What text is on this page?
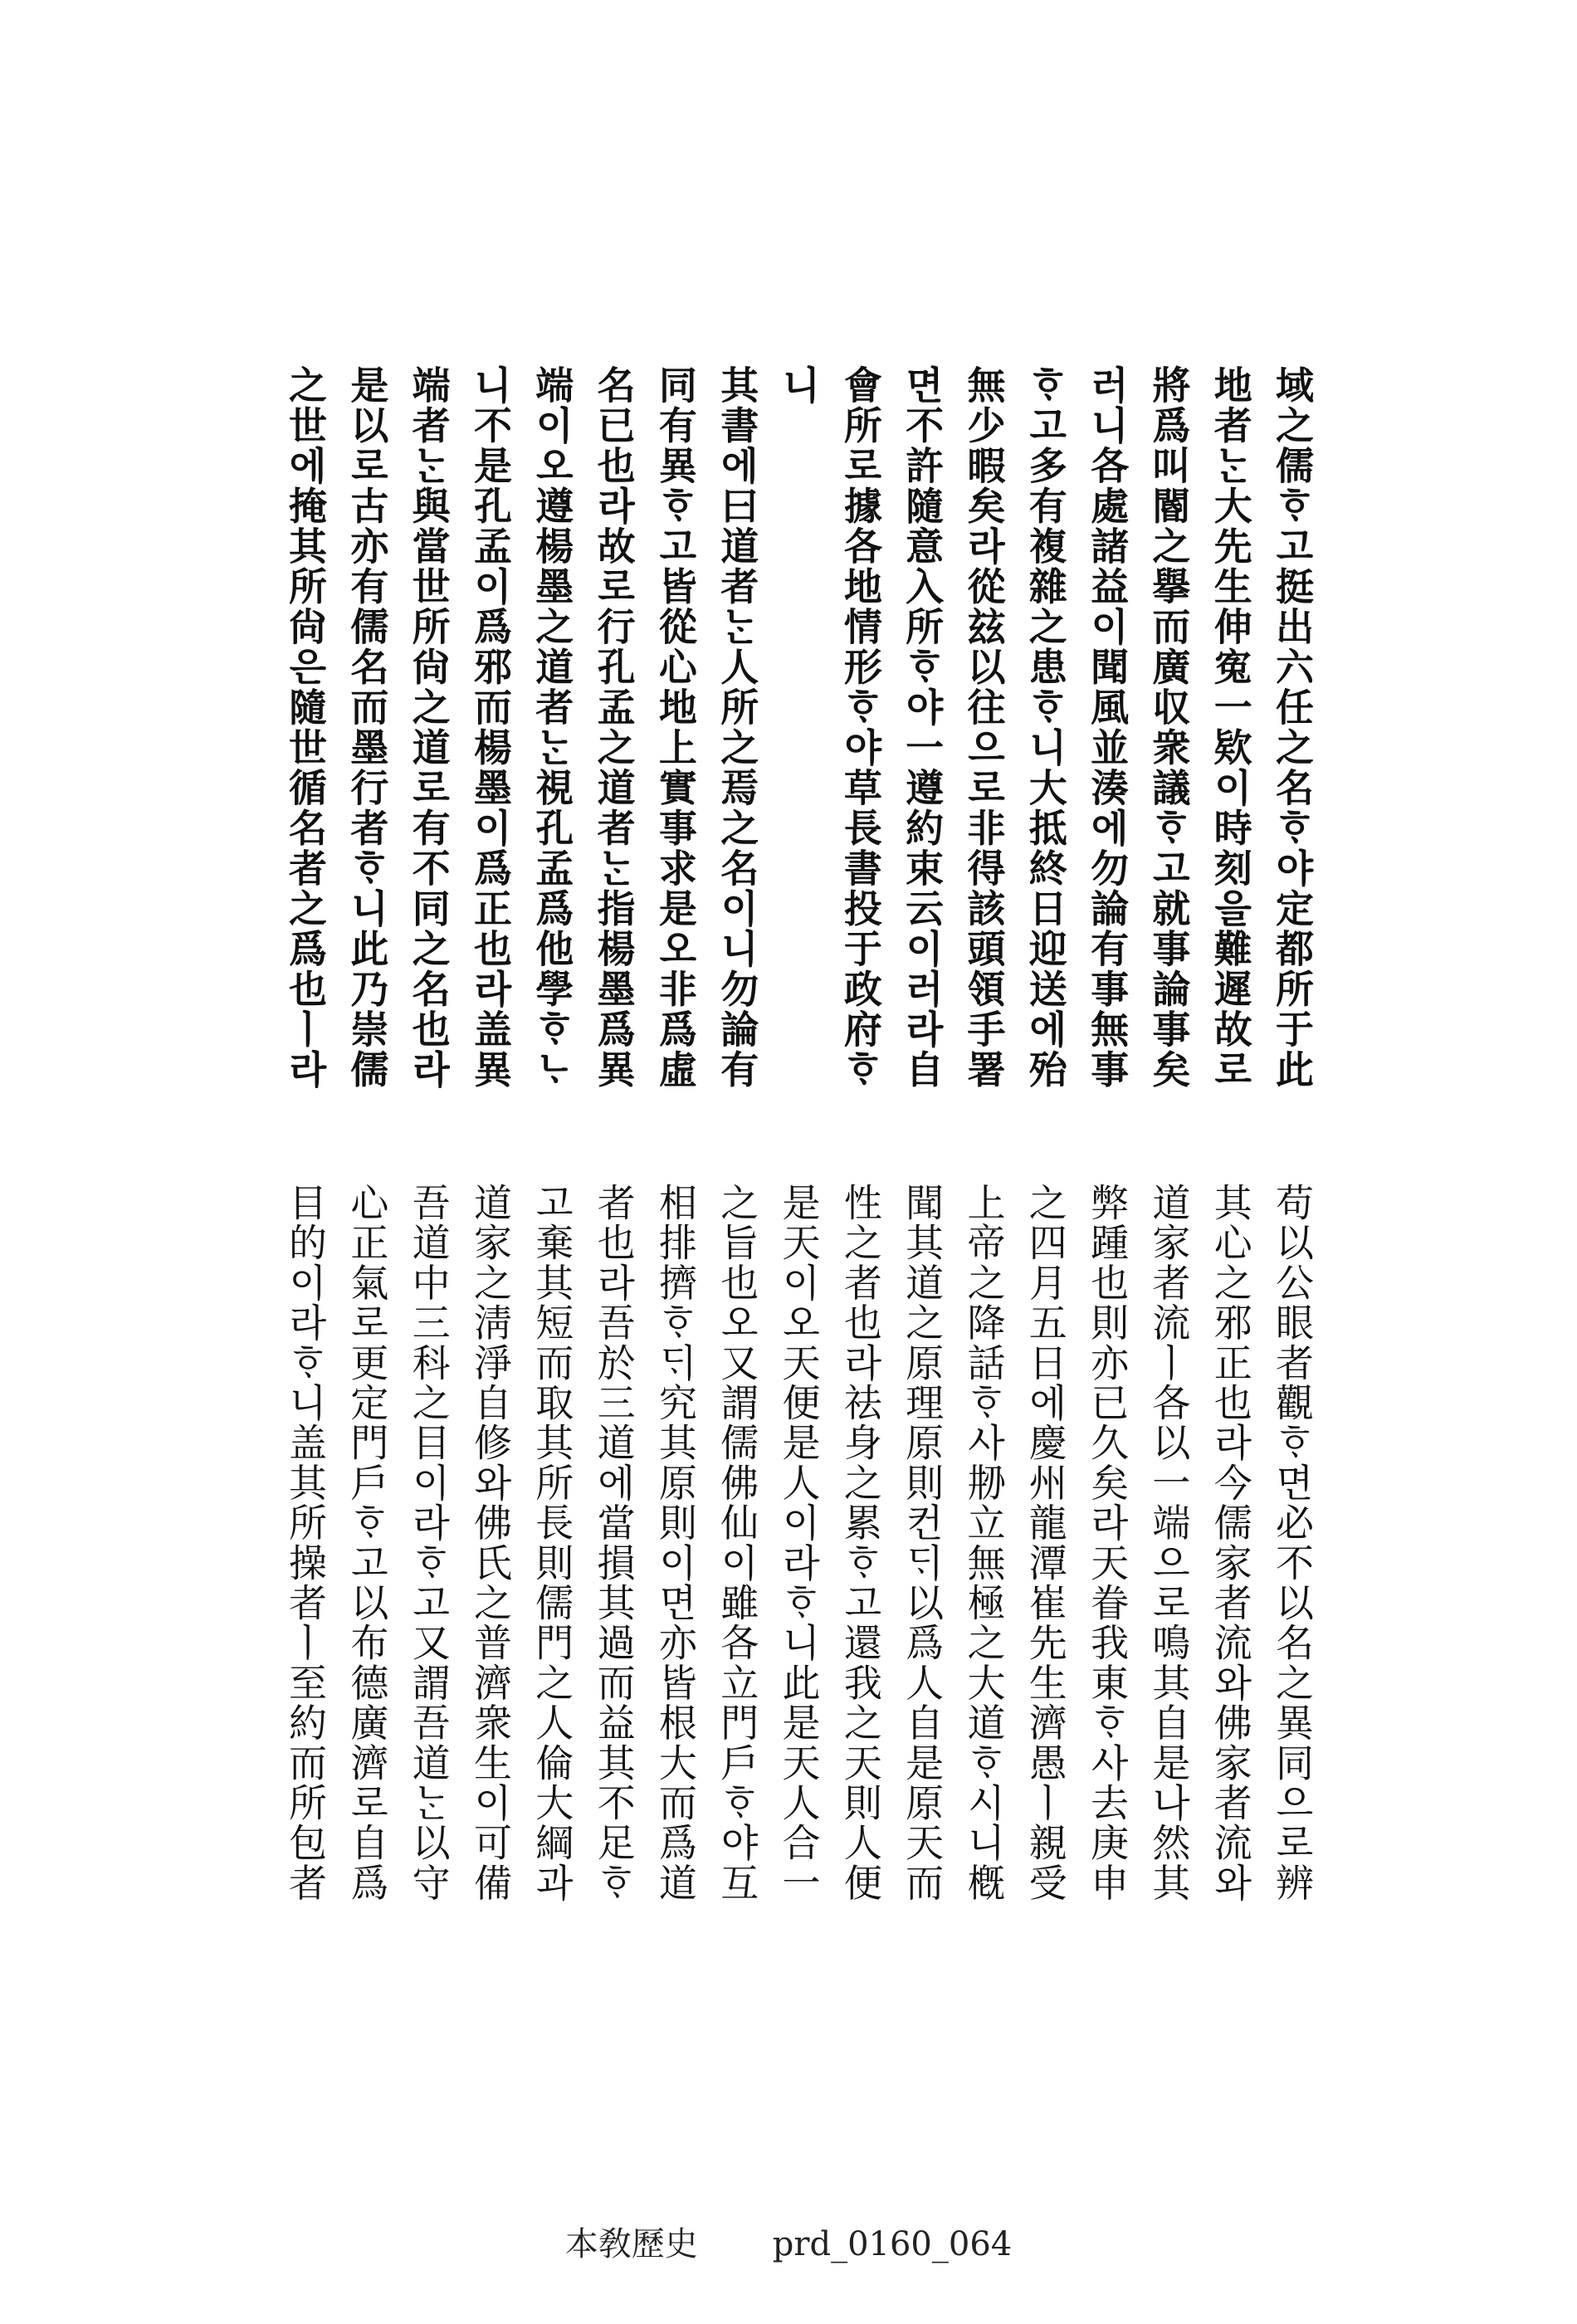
域之儒ᄒᆞ고挺出六任之名ᄒᆞ야定都所于此
地者ᄂᆞᆫ大先生伸寃一欵이時刻을難遲故로
將爲叫閽之擧而廣収衆議ᄒᆞ고就事論事矣
러니各處諸益이聞風並湊에勿論有事無事
ᄒᆞ고多有複雜之患ᄒᆞ니大抵終日迎送에殆
無少暇矣라從玆以往으로非得該頭領手署
면不許隨意入所ᄒᆞ야一遵約束云이러라自
會所로據各地情形ᄒᆞ야草長書投于政府ᄒᆞ
니
其書에曰道者ᄂᆞᆫ人所之焉之名이니勿論有
同有異ᄒᆞ고皆從心地上實事求是오非爲虛
名已也라故로行孔孟之道者ᄂᆞᆫ指楊墨爲異
端이오遵楊墨之道者ᄂᆞᆫ視孔孟爲他學ᄒᆞᄂᆞ
니不是孔孟이爲邪而楊墨이爲正也라盖異
端者ᄂᆞᆫ與當世所尙之道로有不同之名也라
是以로古亦有儒名而墨行者ᄒᆞ니此乃崇儒
之世에掩其所尙은隨世循名者之爲也ㅣ라
苟以公眼者觀ᄒᆞ면必不以名之異同으로辨
其心之邪正也라今儒家者流와佛家者流와
道家者流ㅣ各以一端으로鳴其自是나然其
弊踵也則亦已久矣라天眷我東ᄒᆞ사去庚申
之四月五日에慶州龍潭崔先生濟愚ㅣ親受
上帝之降話ᄒᆞ사刱立無極之大道ᄒᆞ시니槪
聞其道之原理原則컨ᄃᆡ以爲人自是原天而
性之者也라祛身之累ᄒᆞ고還我之天則人便
是天이오天便是人이라ᄒᆞ니此是天人合一
之旨也오又謂儒佛仙이雖各立門戶ᄒᆞ야互
相排擠ᄒᆞᄃᆡ究其原則이면亦皆根大而爲道
者也라吾於三道에當損其過而益其不足ᄒᆞ
고棄其短而取其所長則儒門之人倫大綱과
道家之淸淨自修와佛氏之普濟衆生이可備
吾道中三科之目이라ᄒᆞ고又謂吾道ᄂᆞᆫ以守
心正氣로更定門戶ᄒᆞ고以布德廣濟로自爲
目的이라ᄒᆞ니盖其所操者ㅣ至約而所包者
本敎歷史 prd_0160_064
